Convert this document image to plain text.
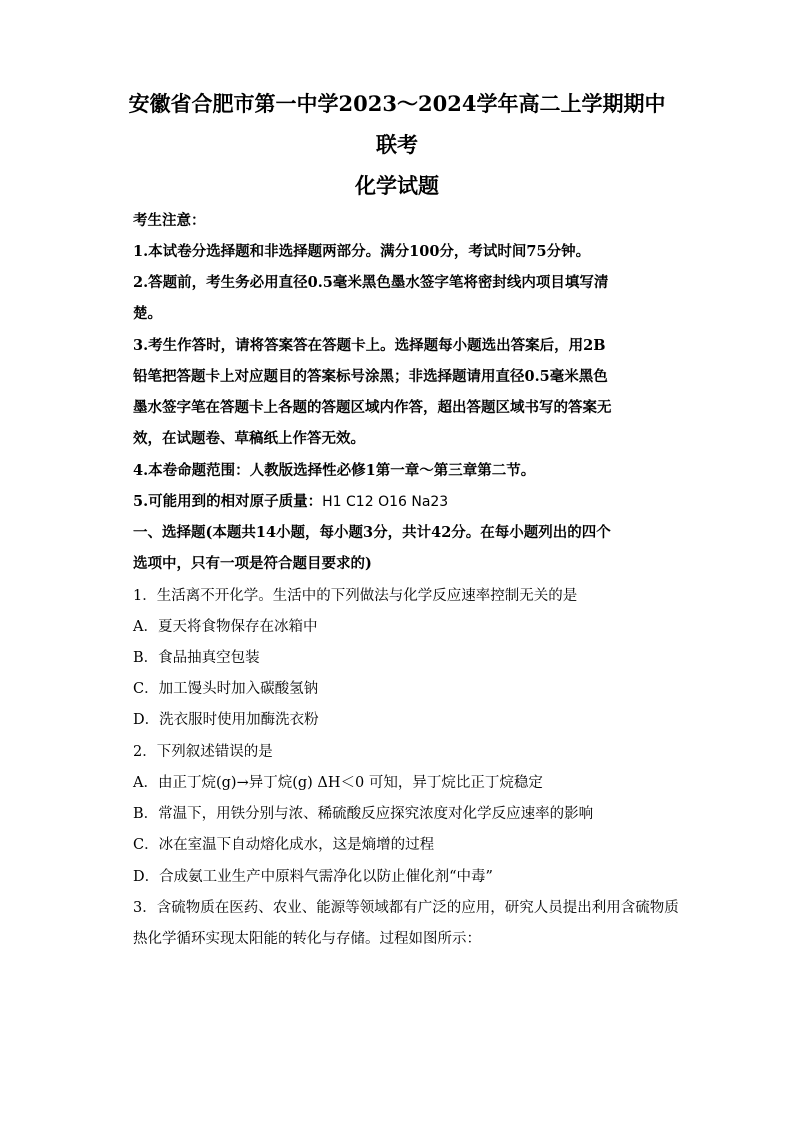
安徽省合肥市第一中学2023～2024学年高二上学期期中
联考
化学试题
考生注意：
1.本试卷分选择题和非选择题两部分。满分100分，考试时间75分钟。
2.答题前，考生务必用直径0.5毫米黑色墨水签字笔将密封线内项目填写清
楚。
3.考生作答时，请将答案答在答题卡上。选择题每小题选出答案后，用2B
铅笔把答题卡上对应题目的答案标号涂黑；非选择题请用直径0.5毫米黑色
墨水签字笔在答题卡上各题的答题区域内作答，超出答题区域书写的答案无
效，在试题卷、草稿纸上作答无效。
4.本卷命题范围：人教版选择性必修1第一章～第三章第二节。
5.可能用到的相对原子质量：H1 C12 O16 Na23
一、选择题(本题共14小题，每小题3分，共计42分。在每小题列出的四个
选项中，只有一项是符合题目要求的)
1．生活离不开化学。生活中的下列做法与化学反应速率控制无关的是
A．夏天将食物保存在冰箱中
B．食品抽真空包装
C．加工馒头时加入碳酸氢钠
D．洗衣服时使用加酶洗衣粉
2．下列叙述错误的是
A．由正丁烷(g)→异丁烷(g) ΔH＜0 可知，异丁烷比正丁烷稳定
B．常温下，用铁分别与浓、稀硫酸反应探究浓度对化学反应速率的影响
C．冰在室温下自动熔化成水，这是熵增的过程
D．合成氨工业生产中原料气需净化以防止催化剂“中毒”
3．含硫物质在医药、农业、能源等领域都有广泛的应用，研究人员提出利用含硫物质
热化学循环实现太阳能的转化与存储。过程如图所示：
